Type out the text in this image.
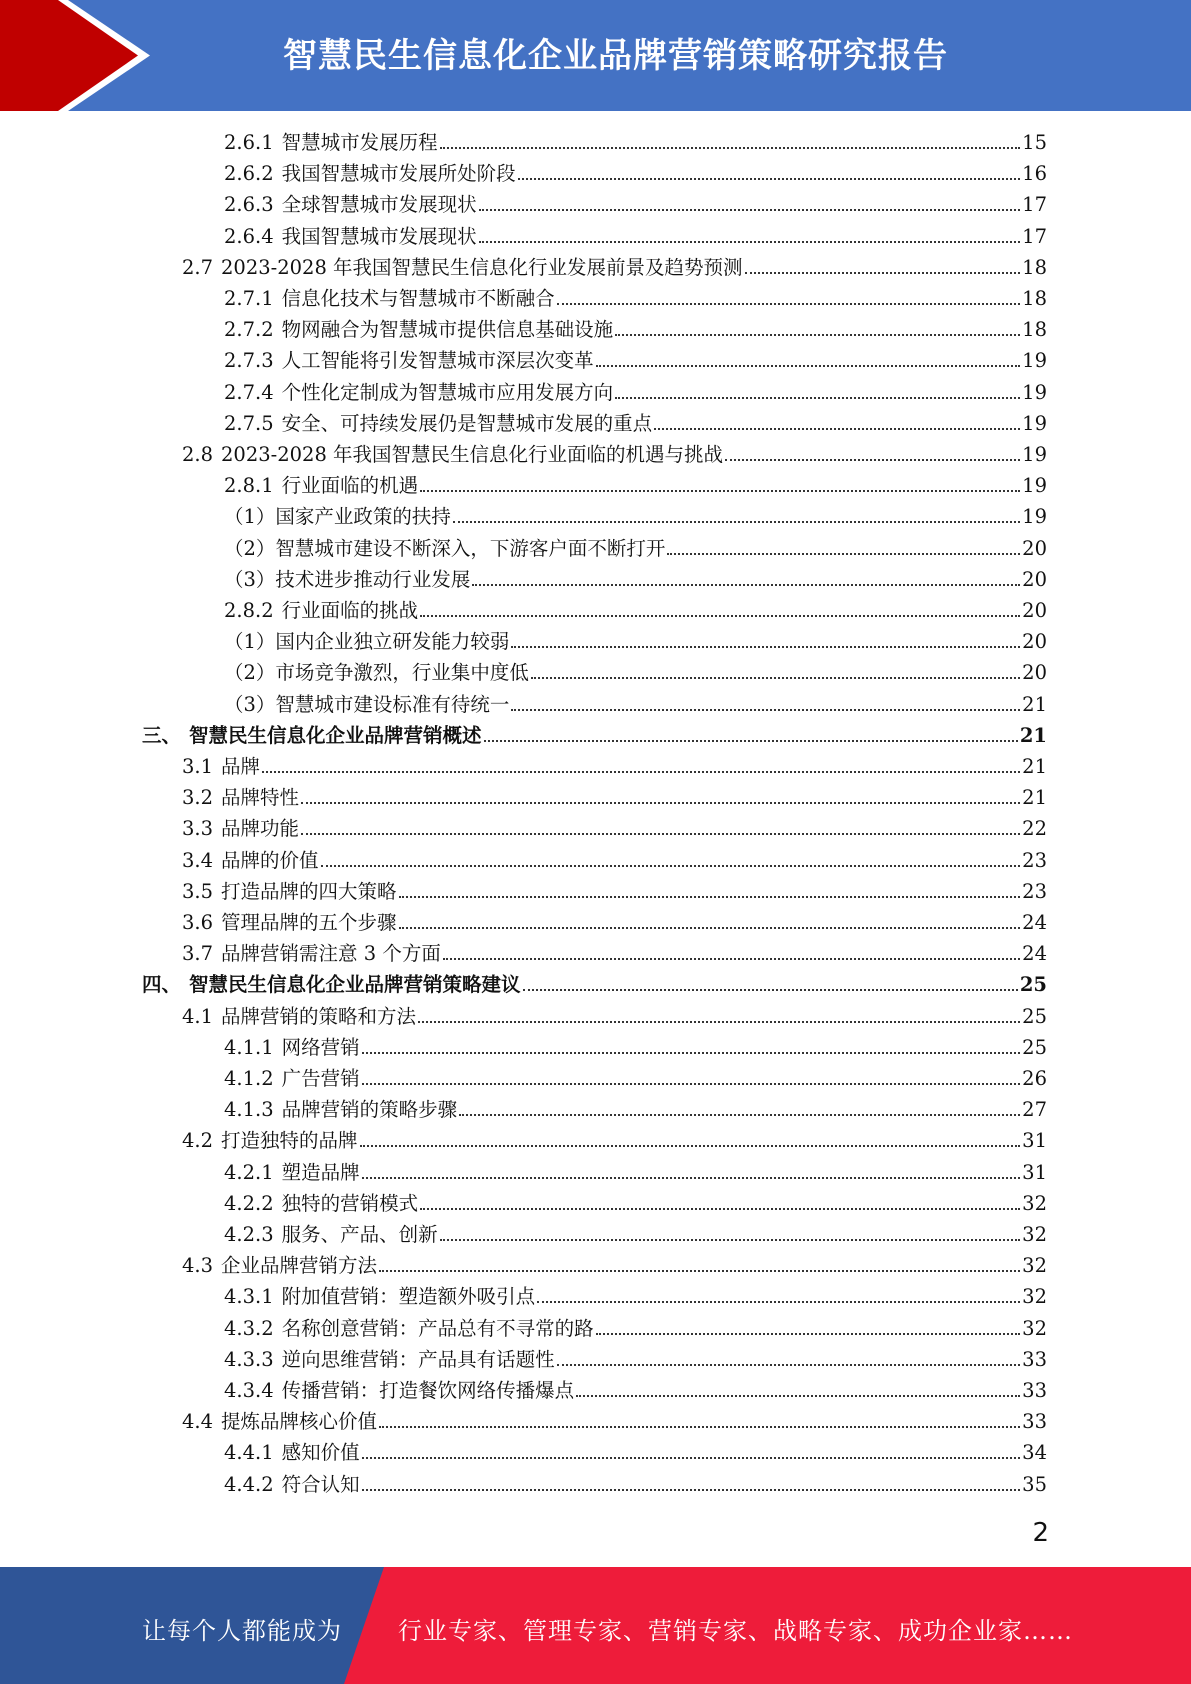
智慧民生信息化企业品牌营销策略研究报告
2.6.1 智慧城市发展历程	15
2.6.2 我国智慧城市发展所处阶段	16
2.6.3 全球智慧城市发展现状	17
2.6.4 我国智慧城市发展现状	17
2.7 2023-2028 年我国智慧民生信息化行业发展前景及趋势预测	18
2.7.1 信息化技术与智慧城市不断融合	18
2.7.2 物网融合为智慧城市提供信息基础设施	18
2.7.3 人工智能将引发智慧城市深层次变革	19
2.7.4 个性化定制成为智慧城市应用发展方向	19
2.7.5 安全、可持续发展仍是智慧城市发展的重点	19
2.8 2023-2028 年我国智慧民生信息化行业面临的机遇与挑战	19
2.8.1 行业面临的机遇	19
（1） 国家产业政策的扶持	19
（2） 智慧城市建设不断深入，下游客户面不断打开	20
（3） 技术进步推动行业发展	20
2.8.2 行业面临的挑战	20
（1） 国内企业独立研发能力较弱	20
（2） 市场竞争激烈，行业集中度低	20
（3） 智慧城市建设标准有待统一	21
三、 智慧民生信息化企业品牌营销概述	21
3.1 品牌	21
3.2 品牌特性	21
3.3 品牌功能	22
3.4 品牌的价值	23
3.5 打造品牌的四大策略	23
3.6 管理品牌的五个步骤	24
3.7 品牌营销需注意 3 个方面	24
四、 智慧民生信息化企业品牌营销策略建议	25
4.1 品牌营销的策略和方法	25
4.1.1 网络营销	25
4.1.2 广告营销	26
4.1.3 品牌营销的策略步骤	27
4.2 打造独特的品牌	31
4.2.1 塑造品牌	31
4.2.2 独特的营销模式	32
4.2.3 服务、产品、创新	32
4.3 企业品牌营销方法	32
4.3.1 附加值营销：塑造额外吸引点	32
4.3.2 名称创意营销：产品总有不寻常的路	32
4.3.3 逆向思维营销：产品具有话题性	33
4.3.4 传播营销：打造餐饮网络传播爆点	33
4.4 提炼品牌核心价值	33
4.4.1 感知价值	34
4.4.2 符合认知	35
2
让每个人都能成为 行业专家、管理专家、营销专家、战略专家、成功企业家……
